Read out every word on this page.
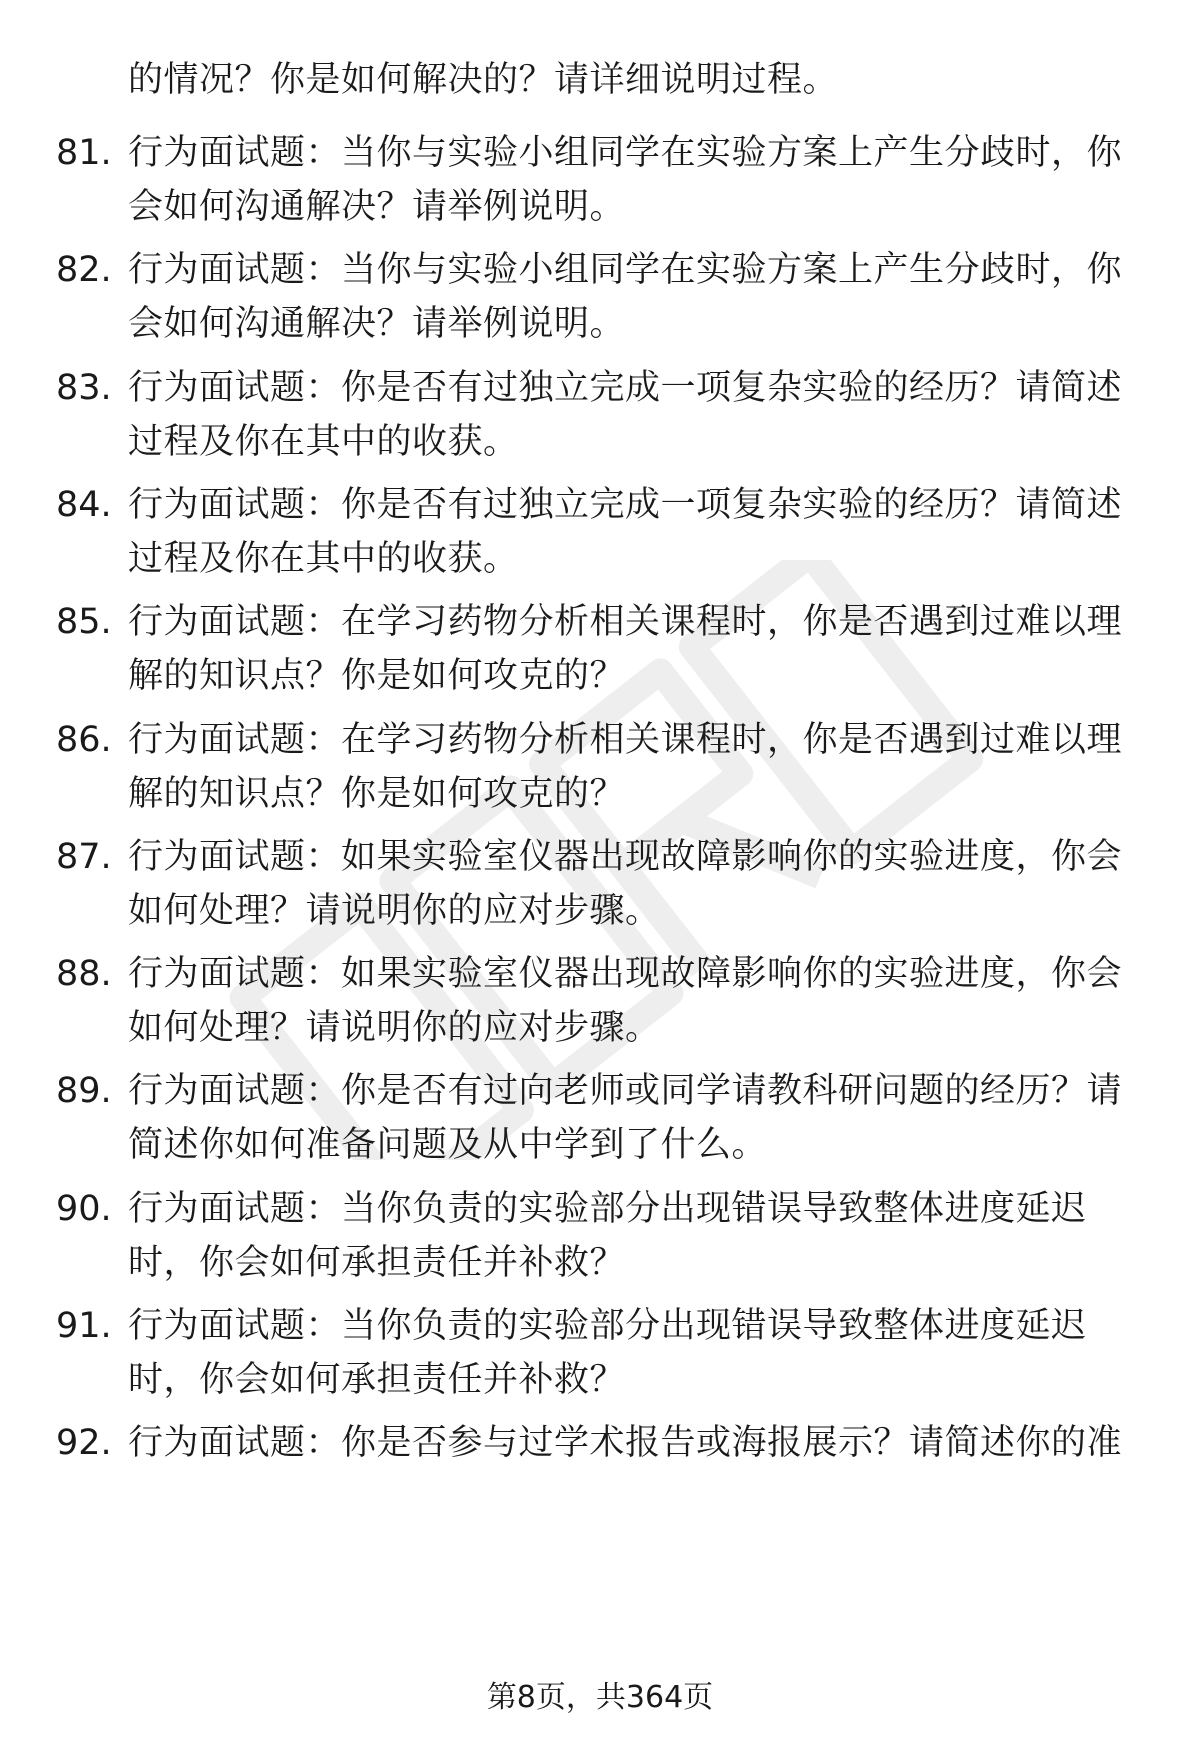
的情况？你是如何解决的？请详细说明过程。
81. 行为面试题：当你与实验小组同学在实验方案上产生分歧时，你
会如何沟通解决？请举例说明。
82. 行为面试题：当你与实验小组同学在实验方案上产生分歧时，你
会如何沟通解决？请举例说明。
83. 行为面试题：你是否有过独立完成一项复杂实验的经历？请简述
过程及你在其中的收获。
84. 行为面试题：你是否有过独立完成一项复杂实验的经历？请简述
过程及你在其中的收获。
85. 行为面试题：在学习药物分析相关课程时，你是否遇到过难以理
解的知识点？你是如何攻克的？
86. 行为面试题：在学习药物分析相关课程时，你是否遇到过难以理
解的知识点？你是如何攻克的？
87. 行为面试题：如果实验室仪器出现故障影响你的实验进度，你会
如何处理？请说明你的应对步骤。
88. 行为面试题：如果实验室仪器出现故障影响你的实验进度，你会
如何处理？请说明你的应对步骤。
89. 行为面试题：你是否有过向老师或同学请教科研问题的经历？请
简述你如何准备问题及从中学到了什么。
90. 行为面试题：当你负责的实验部分出现错误导致整体进度延迟
时，你会如何承担责任并补救？
91. 行为面试题：当你负责的实验部分出现错误导致整体进度延迟
时，你会如何承担责任并补救？
92. 行为面试题：你是否参与过学术报告或海报展示？请简述你的准
第8页，共364页
